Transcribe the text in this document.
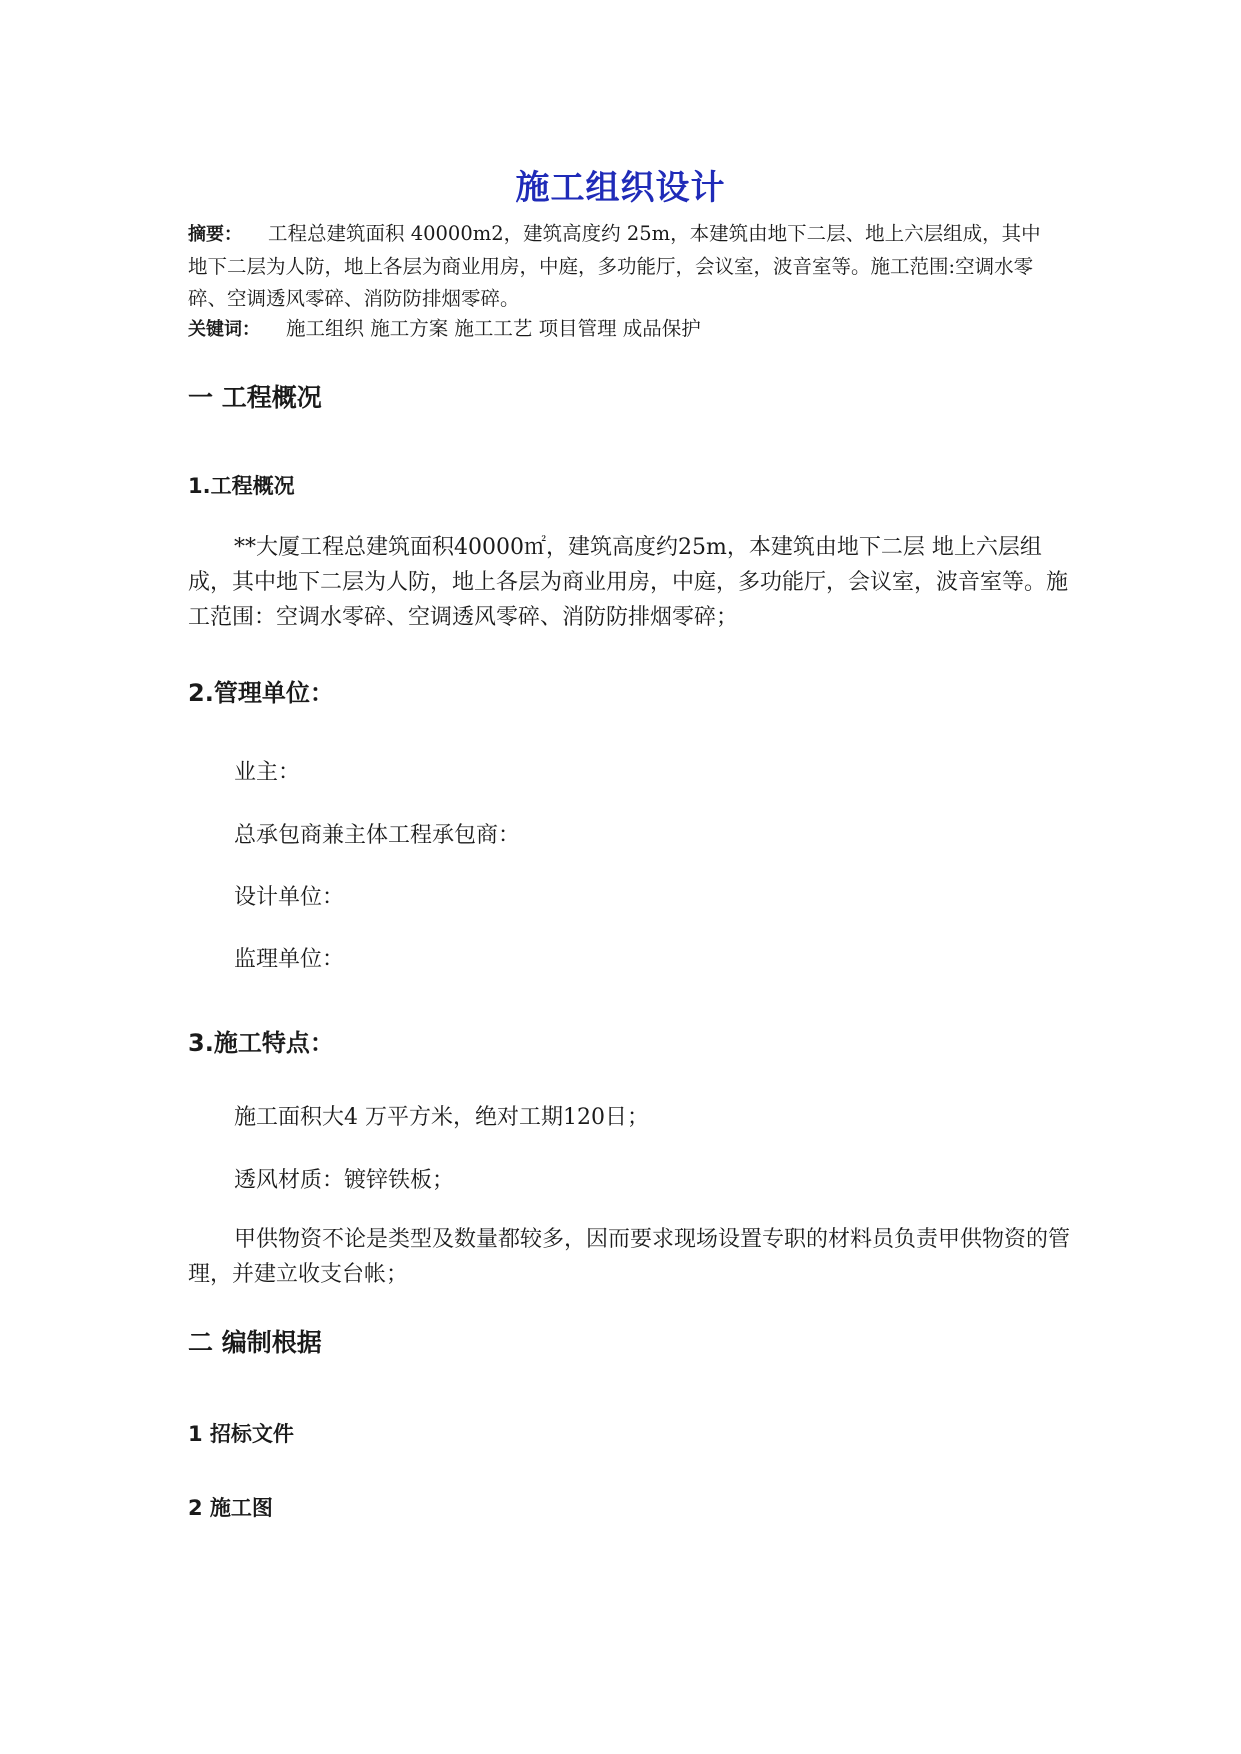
施工组织设计
摘要： 工程总建筑面积 40000m2，建筑高度约 25m，本建筑由地下二层、地上六层组成，其中地下二层为人防，地上各层为商业用房，中庭，多功能厅，会议室，波音室等。施工范围:空调水零碎、空调透风零碎、消防防排烟零碎。
关键词： 施工组织 施工方案 施工工艺 项目管理 成品保护
一 工程概况
1.工程概况
**大厦工程总建筑面积40000㎡，建筑高度约25m，本建筑由地下二层 地上六层组成，其中地下二层为人防，地上各层为商业用房，中庭，多功能厅，会议室，波音室等。施工范围：空调水零碎、空调透风零碎、消防防排烟零碎；
2.管理单位：
业主：
总承包商兼主体工程承包商：
设计单位：
监理单位：
3.施工特点：
施工面积大4 万平方米，绝对工期120日；
透风材质：镀锌铁板；
甲供物资不论是类型及数量都较多，因而要求现场设置专职的材料员负责甲供物资的管理，并建立收支台帐；
二 编制根据
1 招标文件
2 施工图
